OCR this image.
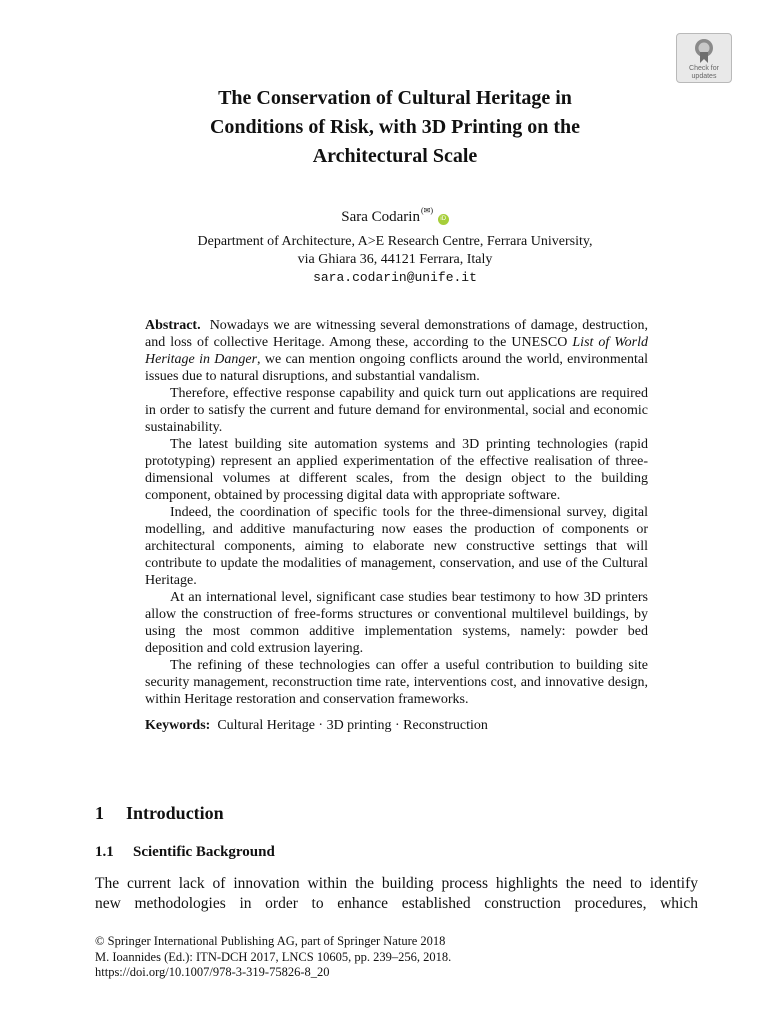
Check for
updates
The Conservation of Cultural Heritage in
Conditions of Risk, with 3D Printing on the
Architectural Scale
Sara Codarin(✉) iD
Department of Architecture, A>E Research Centre, Ferrara University,
via Ghiara 36, 44121 Ferrara, Italy
sara.codarin@unife.it

Abstract. Nowadays we are witnessing several demonstrations of damage, destruction, and loss of collective Heritage. Among these, according to the UNESCO List of World Heritage in Danger, we can mention ongoing conflicts around the world, environmental issues due to natural disruptions, and substantial vandalism.

Therefore, effective response capability and quick turn out applications are required in order to satisfy the current and future demand for environmental, social and economic sustainability.

The latest building site automation systems and 3D printing technologies (rapid prototyping) represent an applied experimentation of the effective realisation of three-dimensional volumes at different scales, from the design object to the building component, obtained by processing digital data with appropriate software.

Indeed, the coordination of specific tools for the three-dimensional survey, digital modelling, and additive manufacturing now eases the production of components or architectural components, aiming to elaborate new constructive settings that will contribute to update the modalities of management, conservation, and use of the Cultural Heritage.

At an international level, significant case studies bear testimony to how 3D printers allow the construction of free-forms structures or conventional multilevel buildings, by using the most common additive implementation systems, namely: powder bed deposition and cold extrusion layering.

The refining of these technologies can offer a useful contribution to building site security management, reconstruction time rate, interventions cost, and innovative design, within Heritage restoration and conservation frameworks.

Keywords: Cultural Heritage · 3D printing · Reconstruction
1 Introduction
1.1 Scientific Background

The current lack of innovation within the building process highlights the need to identify

new methodologies in order to enhance established construction procedures, which

© Springer International Publishing AG, part of Springer Nature 2018
M. Ioannides (Ed.): ITN-DCH 2017, LNCS 10605, pp. 239–256, 2018.
https://doi.org/10.1007/978-3-319-75826-8_20
